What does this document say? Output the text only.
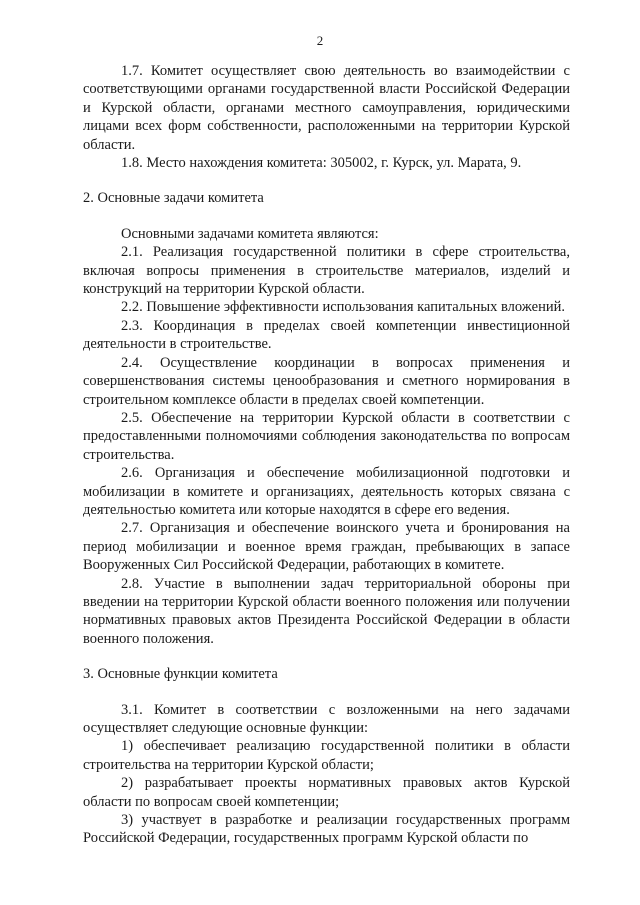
2

1.7. Комитет осуществляет свою деятельность во взаимодействии с соответствующими органами государственной власти Российской Федерации и Курской области, органами местного самоуправления, юридическими лицами всех форм собственности, расположенными на территории Курской области.

1.8. Место нахождения комитета: 305002, г. Курск, ул. Марата, 9.

2. Основные задачи комитета

Основными задачами комитета являются:

2.1. Реализация государственной политики в сфере строительства, включая вопросы применения в строительстве материалов, изделий и конструкций на территории Курской области.

2.2. Повышение эффективности использования капитальных вложений.

2.3. Координация в пределах своей компетенции инвестиционной деятельности в строительстве.

2.4. Осуществление координации в вопросах применения и совершенствования системы ценообразования и сметного нормирования в строительном комплексе области в пределах своей компетенции.

2.5. Обеспечение на территории Курской области в соответствии с предоставленными полномочиями соблюдения законодательства по вопросам строительства.

2.6. Организация и обеспечение мобилизационной подготовки и мобилизации в комитете и организациях, деятельность которых связана с деятельностью комитета или которые находятся в сфере его ведения.

2.7. Организация и обеспечение воинского учета и бронирования на период мобилизации и военное время граждан, пребывающих в запасе Вооруженных Сил Российской Федерации, работающих в комитете.

2.8. Участие в выполнении задач территориальной обороны при введении на территории Курской области военного положения или получении нормативных правовых актов Президента Российской Федерации в области военного положения.

3. Основные функции комитета

3.1. Комитет в соответствии с возложенными на него задачами осуществляет следующие основные функции:

1) обеспечивает реализацию государственной политики в области строительства на территории Курской области;

2) разрабатывает проекты нормативных правовых актов Курской области по вопросам своей компетенции;

3) участвует в разработке и реализации государственных программ Российской Федерации, государственных программ Курской области по
